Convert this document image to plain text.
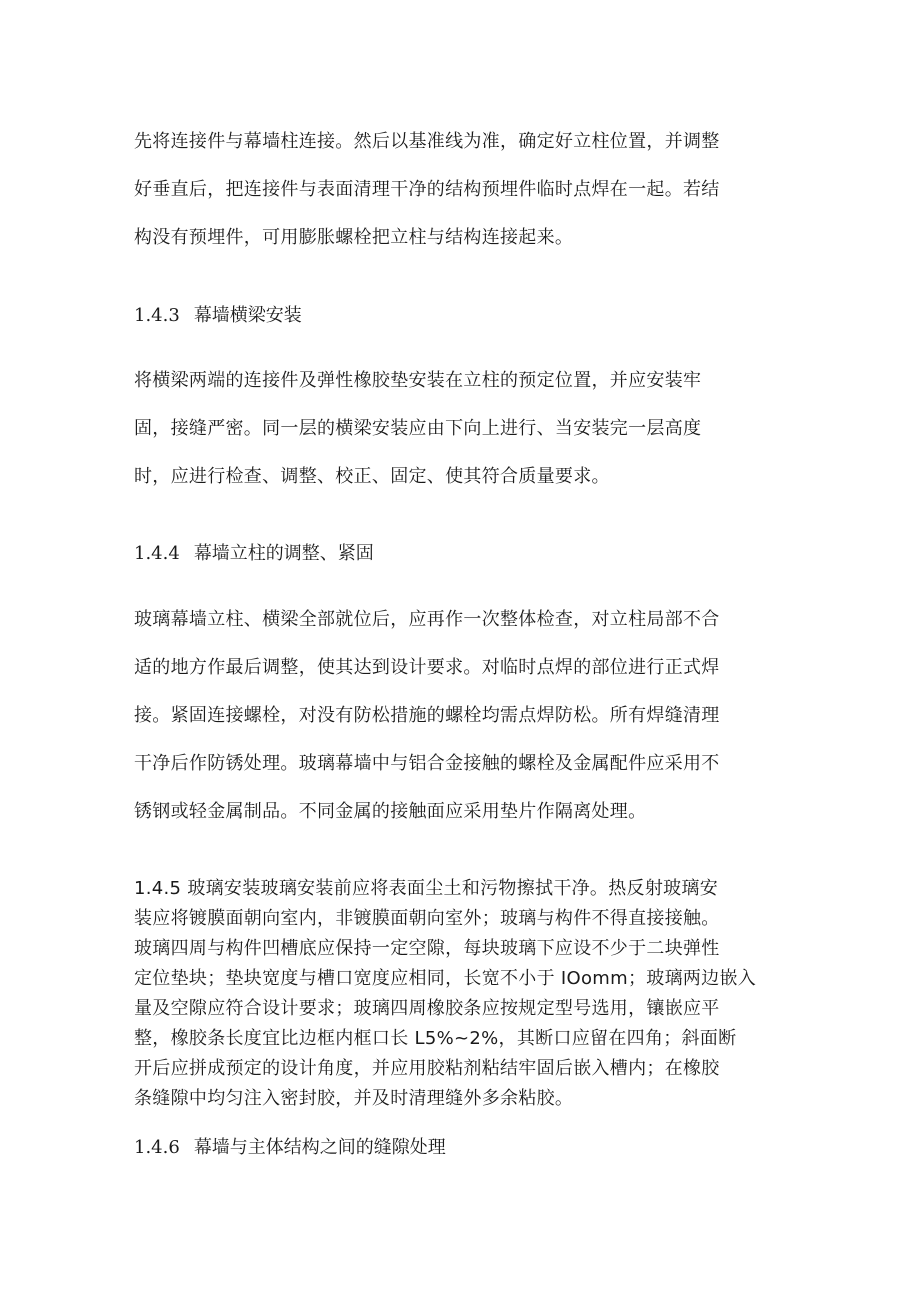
先将连接件与幕墙柱连接。然后以基准线为准，确定好立柱位置，并调整
好垂直后，把连接件与表面清理干净的结构预埋件临时点焊在一起。若结
构没有预埋件，可用膨胀螺栓把立柱与结构连接起来。
1.4.3 幕墙横梁安装
将横梁两端的连接件及弹性橡胶垫安装在立柱的预定位置，并应安装牢
固，接缝严密。同一层的横梁安装应由下向上进行、当安装完一层高度
时，应进行检查、调整、校正、固定、使其符合质量要求。
1.4.4 幕墙立柱的调整、紧固
玻璃幕墙立柱、横梁全部就位后，应再作一次整体检查，对立柱局部不合
适的地方作最后调整，使其达到设计要求。对临时点焊的部位进行正式焊
接。紧固连接螺栓，对没有防松措施的螺栓均需点焊防松。所有焊缝清理
干净后作防锈处理。玻璃幕墙中与铝合金接触的螺栓及金属配件应采用不
锈钢或轻金属制品。不同金属的接触面应采用垫片作隔离处理。
1.4.5 玻璃安装玻璃安装前应将表面尘土和污物擦拭干净。热反射玻璃安
装应将镀膜面朝向室内，非镀膜面朝向室外；玻璃与构件不得直接接触。
玻璃四周与构件凹槽底应保持一定空隙，每块玻璃下应设不少于二块弹性
定位垫块；垫块宽度与槽口宽度应相同，长宽不小于 IOomm；玻璃两边嵌入
量及空隙应符合设计要求；玻璃四周橡胶条应按规定型号选用，镶嵌应平
整，橡胶条长度宜比边框内框口长 L5%~2%，其断口应留在四角；斜面断
开后应拼成预定的设计角度，并应用胶粘剂粘结牢固后嵌入槽内；在橡胶
条缝隙中均匀注入密封胶，并及时清理缝外多余粘胶。
1.4.6 幕墙与主体结构之间的缝隙处理
